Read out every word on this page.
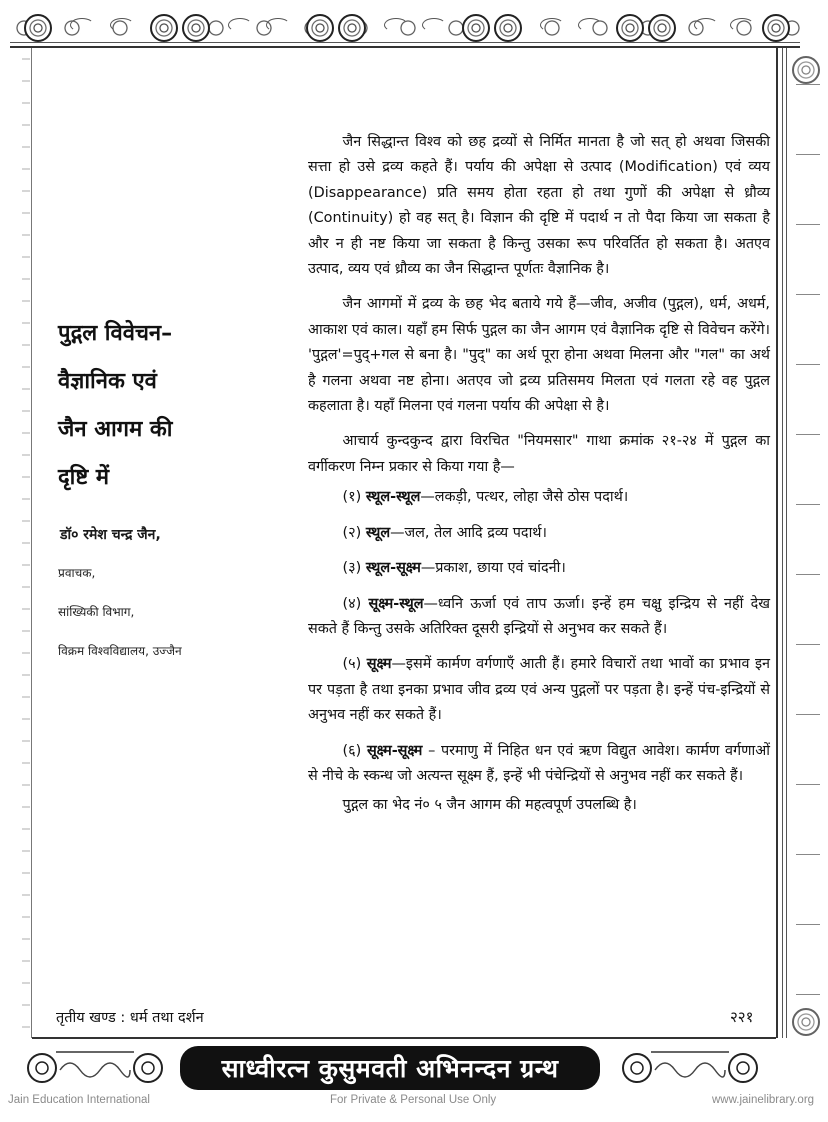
पुद्गल विवेचन–
वैज्ञानिक एवं
जैन आगम की
दृष्टि में
डॉ० रमेश चन्द्र जैन,
प्रवाचक,
सांख्यिकी विभाग,
विक्रम विश्वविद्यालय, उज्जैन

जैन सिद्धान्त विश्व को छह द्रव्यों से निर्मित मानता है जो सत् हो अथवा जिसकी सत्ता हो उसे द्रव्य कहते हैं। पर्याय की अपेक्षा से उत्पाद (Modification) एवं व्यय (Disappearance) प्रति समय होता रहता हो तथा गुणों की अपेक्षा से ध्रौव्य (Continuity) हो वह सत् है। विज्ञान की दृष्टि में पदार्थ न तो पैदा किया जा सकता है और न ही नष्ट किया जा सकता है किन्तु उसका रूप परिवर्तित हो सकता है। अतएव उत्पाद, व्यय एवं ध्रौव्य का जैन सिद्धान्त पूर्णतः वैज्ञानिक है।

जैन आगमों में द्रव्य के छह भेद बताये गये हैं—जीव, अजीव (पुद्गल), धर्म, अधर्म, आकाश एवं काल। यहाँ हम सिर्फ पुद्गल का जैन आगम एवं वैज्ञानिक दृष्टि से विवेचन करेंगे। 'पुद्गल'=पुद्+गल से बना है। "पुद्" का अर्थ पूरा होना अथवा मिलना और "गल" का अर्थ है गलना अथवा नष्ट होना। अतएव जो द्रव्य प्रतिसमय मिलता एवं गलता रहे वह पुद्गल कहलाता है। यहाँ मिलना एवं गलना पर्याय की अपेक्षा से है।

आचार्य कुन्दकुन्द द्वारा विरचित "नियमसार" गाथा क्रमांक २१-२४ में पुद्गल का वर्गीकरण निम्न प्रकार से किया गया है—

(१) स्थूल-स्थूल—लकड़ी, पत्थर, लोहा जैसे ठोस पदार्थ।
(२) स्थूल—जल, तेल आदि द्रव्य पदार्थ।
(३) स्थूल-सूक्ष्म—प्रकाश, छाया एवं चांदनी।
(४) सूक्ष्म-स्थूल—ध्वनि ऊर्जा एवं ताप ऊर्जा। इन्हें हम चक्षु इन्द्रिय से नहीं देख सकते हैं किन्तु उसके अतिरिक्त दूसरी इन्द्रियों से अनुभव कर सकते हैं।
(५) सूक्ष्म—इसमें कार्मण वर्गणाएँ आती हैं। हमारे विचारों तथा भावों का प्रभाव इन पर पड़ता है तथा इनका प्रभाव जीव द्रव्य एवं अन्य पुद्गलों पर पड़ता है। इन्हें पंच-इन्द्रियों से अनुभव नहीं कर सकते हैं।
(६) सूक्ष्म-सूक्ष्म – परमाणु में निहित धन एवं ऋण विद्युत आवेश। कार्मण वर्गणाओं से नीचे के स्कन्ध जो अत्यन्त सूक्ष्म हैं, इन्हें भी पंचेन्द्रियों से अनुभव नहीं कर सकते हैं।

पुद्गल का भेद नं० ५ जैन आगम की महत्वपूर्ण उपलब्धि है।

तृतीय खण्ड : धर्म तथा दर्शन	२२१
साध्वीरत्न कुसुमवती अभिनन्दन ग्रन्थ
Jain Education International	For Private & Personal Use Only	www.jainelibrary.org
